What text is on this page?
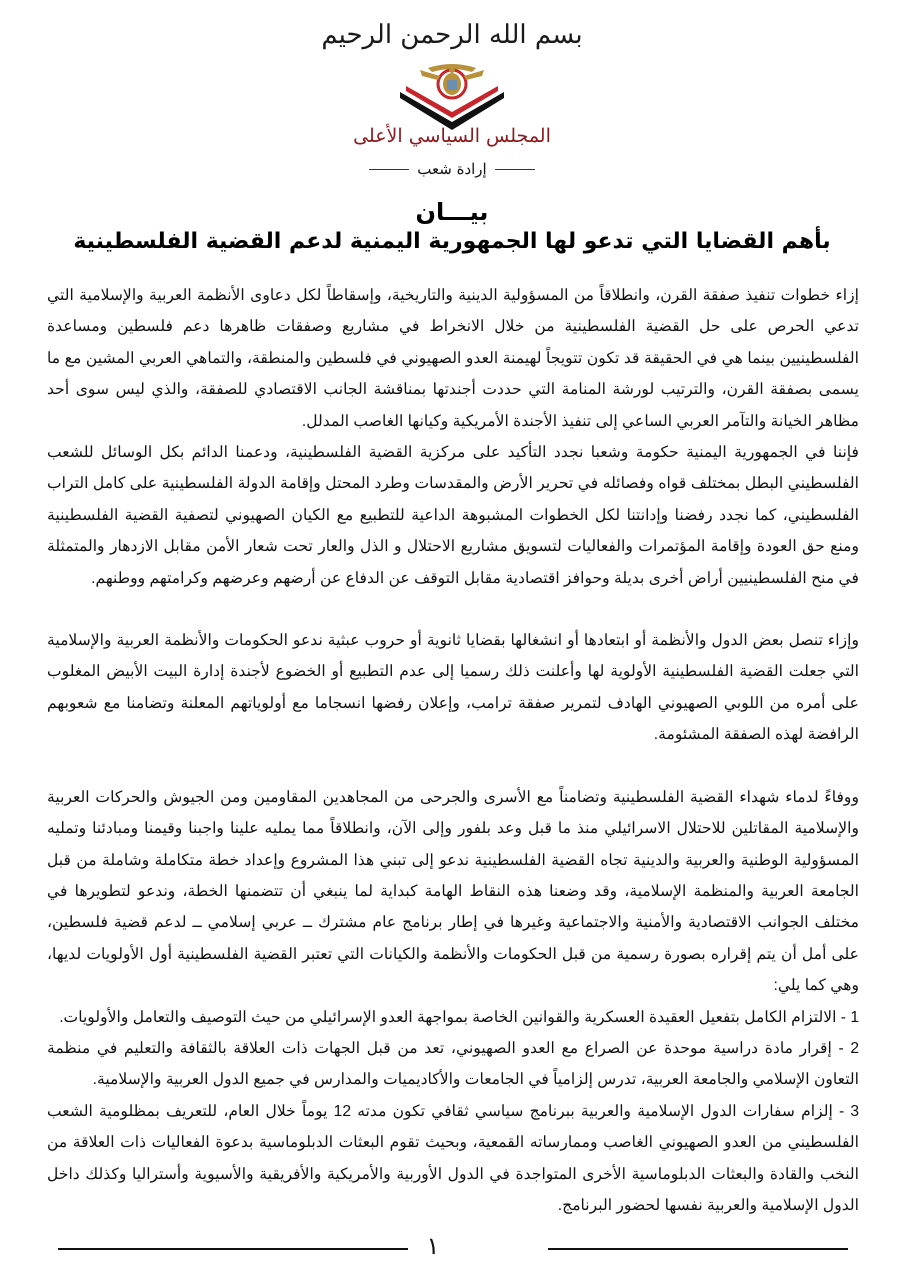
بسم الله الرحمن الرحيم
المجلس السياسي الأعلى
إرادة شعب
بيـــان
بأهم القضايا التي تدعو لها الجمهورية اليمنية لدعم القضية الفلسطينية

إزاء خطوات تنفيذ صفقة القرن، وانطلاقاً من المسؤولية الدينية والتاريخية، وإسقاطاً لكل دعاوى الأنظمة العربية والإسلامية التي تدعي الحرص على حل القضية الفلسطينية من خلال الانخراط في مشاريع وصفقات ظاهرها دعم فلسطين ومساعدة الفلسطينيين بينما هي في الحقيقة قد تكون تتويجاً لهيمنة العدو الصهيوني في فلسطين والمنطقة، والتماهي العربي المشين مع ما يسمى بصفقة القرن، والترتيب لورشة المنامة التي حددت أجندتها بمناقشة الجانب الاقتصادي للصفقة، والذي ليس سوى أحد مظاهر الخيانة والتآمر العربي الساعي إلى تنفيذ الأجندة الأمريكية وكيانها الغاصب المدلل.

فإننا في الجمهورية اليمنية حكومة وشعبا نجدد التأكيد على مركزية القضية الفلسطينية، ودعمنا الدائم بكل الوسائل للشعب الفلسطيني البطل بمختلف قواه وفصائله في تحرير الأرض والمقدسات وطرد المحتل وإقامة الدولة الفلسطينية على كامل التراب الفلسطيني، كما نجدد رفضنا وإدانتنا لكل الخطوات المشبوهة الداعية للتطبيع مع الكيان الصهيوني لتصفية القضية الفلسطينية ومنع حق العودة وإقامة المؤتمرات والفعاليات لتسويق مشاريع الاحتلال و الذل والعار تحت شعار الأمن مقابل الازدهار والمتمثلة في منح الفلسطينيين أراض أخرى بديلة وحوافز اقتصادية مقابل التوقف عن الدفاع عن أرضهم وعرضهم وكرامتهم ووطنهم.

وإزاء تنصل بعض الدول والأنظمة أو ابتعادها أو انشغالها بقضايا ثانوية أو حروب عبثية ندعو الحكومات والأنظمة العربية والإسلامية التي جعلت القضية الفلسطينية الأولوية لها وأعلنت ذلك رسميا إلى عدم التطبيع أو الخضوع لأجندة إدارة البيت الأبيض المغلوب على أمره من اللوبي الصهيوني الهادف لتمرير صفقة ترامب، وإعلان رفضها انسجاما مع أولوياتهم المعلنة وتضامنا مع شعوبهم الرافضة لهذه الصفقة المشئومة.

ووفاءً لدماء شهداء القضية الفلسطينية وتضامناً مع الأسرى والجرحى من المجاهدين المقاومين ومن الجيوش والحركات العربية والإسلامية المقاتلين للاحتلال الاسرائيلي منذ ما قبل وعد بلفور وإلى الآن، وانطلاقاً مما يمليه علينا واجبنا وقيمنا ومبادئنا وتمليه المسؤولية الوطنية والعربية والدينية تجاه القضية الفلسطينية ندعو إلى تبني هذا المشروع وإعداد خطة متكاملة وشاملة من قبل الجامعة العربية والمنظمة الإسلامية، وقد وضعنا هذه النقاط الهامة كبداية لما ينبغي أن تتضمنها الخطة، وندعو لتطويرها في مختلف الجوانب الاقتصادية والأمنية والاجتماعية وغيرها في إطار برنامج عام مشترك ــ عربي إسلامي ــ لدعم قضية فلسطين، على أمل أن يتم إقراره بصورة رسمية من قبل الحكومات والأنظمة والكيانات التي تعتبر القضية الفلسطينية أول الأولويات لديها، وهي كما يلي:

1 - الالتزام الكامل بتفعيل العقيدة العسكرية والقوانين الخاصة بمواجهة العدو الإسرائيلي من حيث التوصيف والتعامل والأولويات.

2 - إقرار مادة دراسية موحدة عن الصراع مع العدو الصهيوني، تعد من قبل الجهات ذات العلاقة بالثقافة والتعليم في منظمة التعاون الإسلامي والجامعة العربية، تدرس إلزامياً في الجامعات والأكاديميات والمدارس في جميع الدول العربية والإسلامية.

3 - إلزام سفارات الدول الإسلامية والعربية ببرنامج سياسي ثقافي تكون مدته 12 يوماً خلال العام، للتعريف بمظلومية الشعب الفلسطيني من العدو الصهيوني الغاصب وممارساته القمعية، وبحيث تقوم البعثات الدبلوماسية بدعوة الفعاليات ذات العلاقة من النخب والقادة والبعثات الدبلوماسية الأخرى المتواجدة في الدول الأوربية والأمريكية والأفريقية والأسيوية وأستراليا وكذلك داخل الدول الإسلامية والعربية نفسها لحضور البرنامج.

١
